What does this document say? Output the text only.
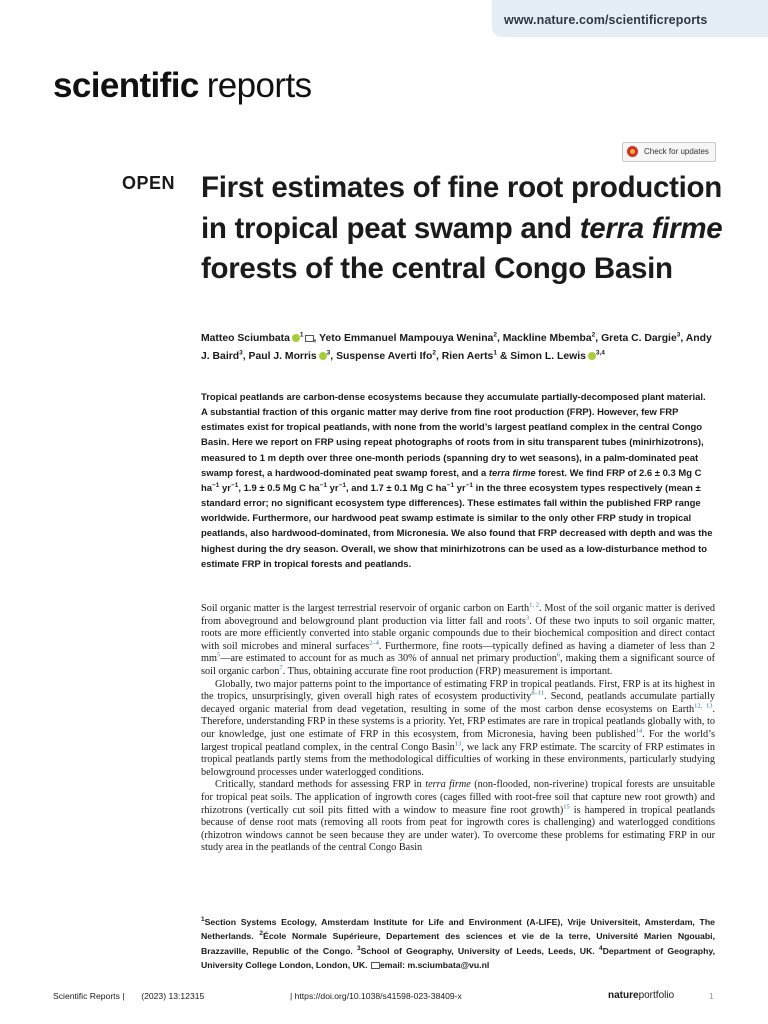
www.nature.com/scientificreports
scientific reports
Check for updates
OPEN First estimates of fine root production in tropical peat swamp and terra firme forests of the central Congo Basin
Matteo Sciumbata $^1$ , Yeto Emmanuel Mampouya Wenina$^2$, Mackline Mbemba$^2$, Greta C. Dargie$^3$, Andy J. Baird$^3$, Paul J. Morris $^3$, Suspense Averti Ifo$^2$, Rien Aerts$^1$ & Simon L. Lewis $^{3,4}$

Tropical peatlands are carbon-dense ecosystems because they accumulate partially-decomposed plant material. A substantial fraction of this organic matter may derive from fine root production (FRP). However, few FRP estimates exist for tropical peatlands, with none from the world’s largest peatland complex in the central Congo Basin. Here we report on FRP using repeat photographs of roots from in situ transparent tubes (minirhizotrons), measured to 1 m depth over three one-month periods (spanning dry to wet seasons), in a palm-dominated peat swamp forest, a hardwood-dominated peat swamp forest, and a terra firme forest. We find FRP of 2.6 ± 0.3 Mg C $ha^{-1}$ $yr^{-1}$, 1.9 ± 0.5 Mg C $ha^{-1}$ $yr^{-1}$, and 1.7 ± 0.1 Mg C $ha^{-1}$ $yr^{-1}$ in the three ecosystem types respectively (mean ± standard error; no significant ecosystem type differences). These estimates fall within the published FRP range worldwide. Furthermore, our hardwood peat swamp estimate is similar to the only other FRP study in tropical peatlands, also hardwood-dominated, from Micronesia. We also found that FRP decreased with depth and was the highest during the dry season. Overall, we show that minirhizotrons can be used as a low-disturbance method to estimate FRP in tropical forests and peatlands.

Soil organic matter is the largest terrestrial reservoir of organic carbon on Earth$^{1, 2}$. Most of the soil organic matter is derived from aboveground and belowground plant production via litter fall and roots$^3$. Of these two inputs to soil organic matter, roots are more efficiently converted into stable organic compounds due to their biochemical composition and direct contact with soil microbes and mineral surfaces$^{2-4}$. Furthermore, fine roots—typically defined as having a diameter of less than 2 $mm^5—are$ estimated to account for as much as 30% of annual net primary production$^6$, making them a significant source of soil organic carbon$^7$. Thus, obtaining accurate fine root production (FRP) measurement is important.

Globally, two major patterns point to the importance of estimating FRP in tropical peatlands. First, FRP is at its highest in the tropics, unsurprisingly, given overall high rates of ecosystem productivity$^{8-11}$. Second, peatlands accumulate partially decayed organic material from dead vegetation, resulting in some of the most carbon dense ecosystems on Earth$^{12, 13}$. Therefore, understanding FRP in these systems is a priority. Yet, FRP estimates are rare in tropical peatlands globally with, to our knowledge, just one estimate of FRP in this ecosystem, from Micronesia, having been published$^{14}$. For the world’s largest tropical peatland complex, in the central Congo Basin$^{13}$, we lack any FRP estimate. The scarcity of FRP estimates in tropical peatlands partly stems from the methodological difficulties of working in these environments, particularly studying belowground processes under waterlogged conditions.

Critically, standard methods for assessing FRP in terra firme (non-flooded, non-riverine) tropical forests are unsuitable for tropical peat soils. The application of ingrowth cores (cages filled with root-free soil that capture new root growth) and rhizotrons (vertically cut soil pits fitted with a window to measure fine root growth)$^{15}$ is hampered in tropical peatlands because of dense root mats (removing all roots from peat for ingrowth cores is challenging) and waterlogged conditions (rhizotron windows cannot be seen because they are under water). To overcome these problems for estimating FRP in our study area in the peatlands of the central Congo Basin

$^1$Section Systems Ecology, Amsterdam Institute for Life and Environment (A-LIFE), Vrije Universiteit, Amsterdam, The Netherlands. $^2$École Normale Supérieure, Departement des sciences et vie de la terre, Université Marien Ngouabi, Brazzaville, Republic of the Congo. $^3$School of Geography, University of Leeds, Leeds, UK. $^4$Department of Geography, University College London, London, UK. email: m.sciumbata@vu.nl
Scientific Reports | (2023) 13:12315	| https://doi.org/10.1038/s41598-023-38409-x	natureportfolio	1
